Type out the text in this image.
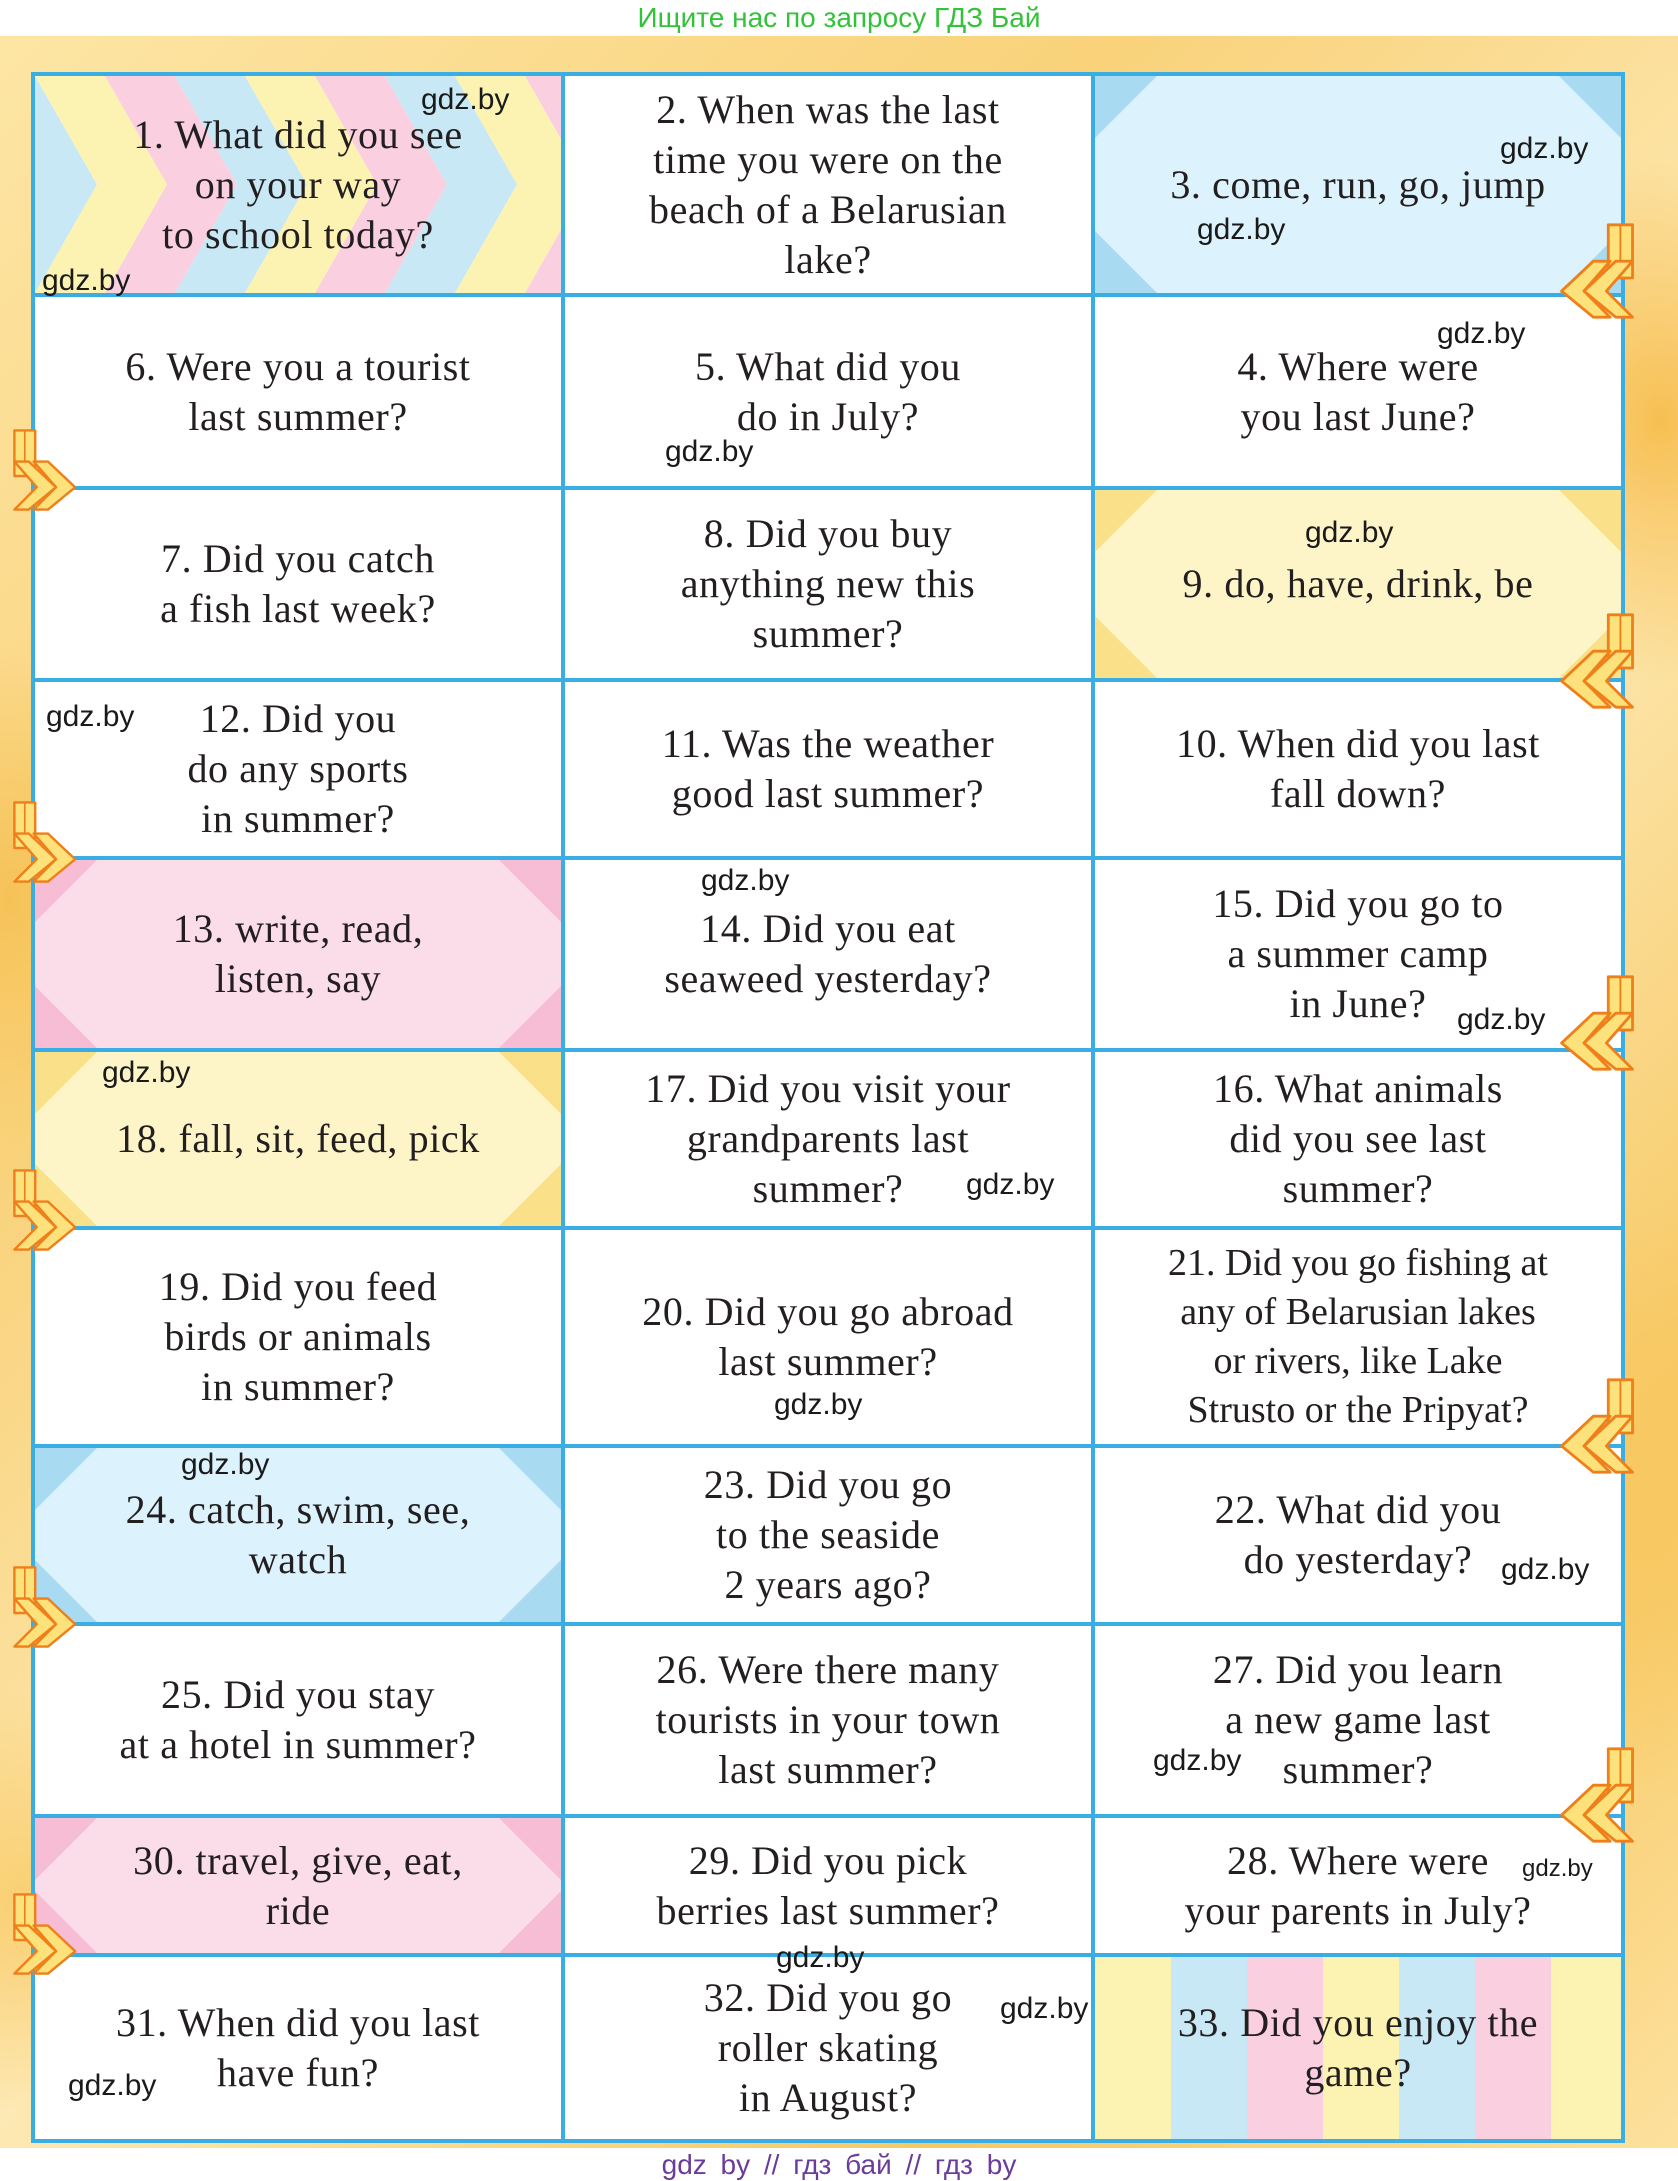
Ищите нас по запросу ГДЗ Бай
1. What did you see
on your way
to school today?
2. When was the last
time you were on the
beach of a Belarusian
lake?
3. come, run, go, jump
6. Were you a tourist
last summer?
5. What did you
do in July?
4. Where were
you last June?
7. Did you catch
a fish last week?
8. Did you buy
anything new this
summer?
9. do, have, drink, be
12. Did you
do any sports
in summer?
11. Was the weather
good last summer?
10. When did you last
fall down?
13. write, read,
listen, say
14. Did you eat
seaweed yesterday?
15. Did you go to
a summer camp
in June?
18. fall, sit, feed, pick
17. Did you visit your
grandparents last
summer?
16. What animals
did you see last
summer?
19. Did you feed
birds or animals
in summer?
20. Did you go abroad
last summer?
21. Did you go fishing at
any of Belarusian lakes
or rivers, like Lake
Strusto or the Pripyat?
24. catch, swim, see,
watch
23. Did you go
to the seaside
2 years ago?
22. What did you
do yesterday?
25. Did you stay
at a hotel in summer?
26. Were there many
tourists in your town
last summer?
27. Did you learn
a new game last
summer?
30. travel, give, eat,
ride
29. Did you pick
berries last summer?
28. Where were
your parents in July?
31. When did you last
have fun?
32. Did you go
roller skating
in August?
33. Did you enjoy the
game?
gdz.by
gdz.by
gdz.by
gdz.by
gdz.by
gdz.by
gdz.by
gdz.by
gdz.by
gdz.by
gdz.by
gdz.by
gdz.by
gdz.by
gdz.by
gdz.by
gdz.by
gdz.by
gdz.by
gdz.by
gdz by // гдз бай // гдз by
